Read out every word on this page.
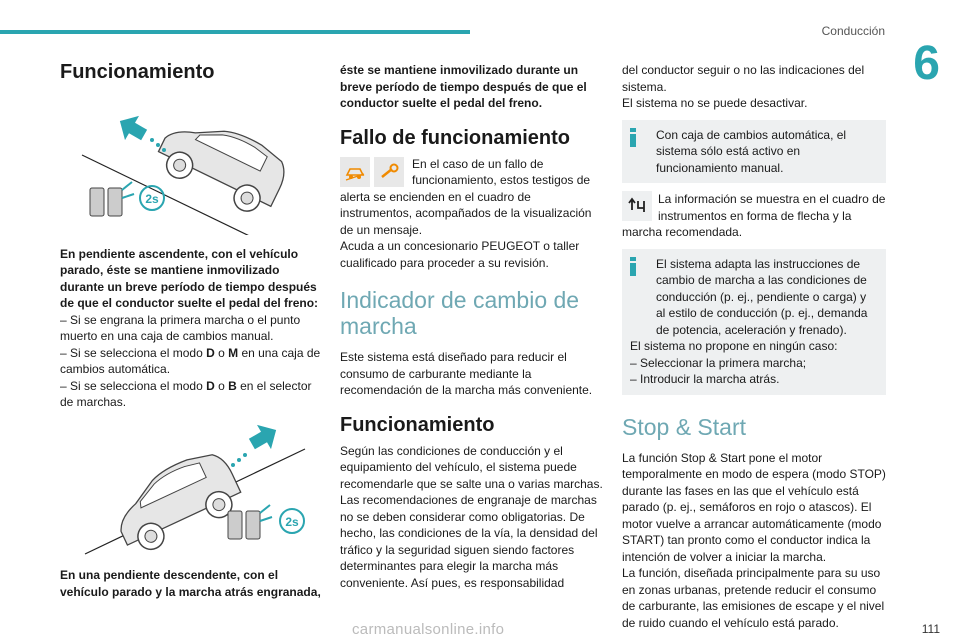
Conducción
6
Funcionamiento
2s

En pendiente ascendente, con el vehículo parado, éste se mantiene inmovilizado durante un breve período de tiempo después de que el conductor suelte el pedal del freno:

– Si se engrana la primera marcha o el punto muerto en una caja de cambios manual.

– Si se selecciona el modo D o M en una caja de cambios automática.

– Si se selecciona el modo D o B en el selector de marchas.

2s

En una pendiente descendente, con el vehículo parado y la marcha atrás engranada,

éste se mantiene inmovilizado durante un breve período de tiempo después de que el conductor suelte el pedal del freno.

Fallo de funcionamiento

En el caso de un fallo de funcionamiento, estos testigos de alerta se encienden en el cuadro de instrumentos, acompañados de la visualización de un mensaje.

Acuda a un concesionario PEUGEOT o taller cualificado para proceder a su revisión.

Indicador de cambio de marcha

Este sistema está diseñado para reducir el consumo de carburante mediante la recomendación de la marcha más conveniente.

Funcionamiento

Según las condiciones de conducción y el equipamiento del vehículo, el sistema puede recomendarle que se salte una o varias marchas.

Las recomendaciones de engranaje de marchas no se deben considerar como obligatorias. De hecho, las condiciones de la vía, la densidad del tráfico y la seguridad siguen siendo factores determinantes para elegir la marcha más conveniente. Así pues, es responsabilidad

del conductor seguir o no las indicaciones del sistema.

El sistema no se puede desactivar.

Con caja de cambios automática, el sistema sólo está activo en funcionamiento manual.

La información se muestra en el cuadro de instrumentos en forma de flecha y la marcha recomendada.

El sistema adapta las instrucciones de cambio de marcha a las condiciones de conducción (p. ej., pendiente o carga) y al estilo de conducción (p. ej., demanda de potencia, aceleración y frenado).

El sistema no propone en ningún caso:

– Seleccionar la primera marcha;

– Introducir la marcha atrás.

Stop & Start

La función Stop & Start pone el motor temporalmente en modo de espera (modo STOP) durante las fases en las que el vehículo está parado (p. ej., semáforos en rojo o atascos). El motor vuelve a arrancar automáticamente (modo START) tan pronto como el conductor indica la intención de volver a iniciar la marcha.

La función, diseñada principalmente para su uso en zonas urbanas, pretende reducir el consumo de carburante, las emisiones de escape y el nivel de ruido cuando el vehículo está parado.

carmanualsonline.info	111
